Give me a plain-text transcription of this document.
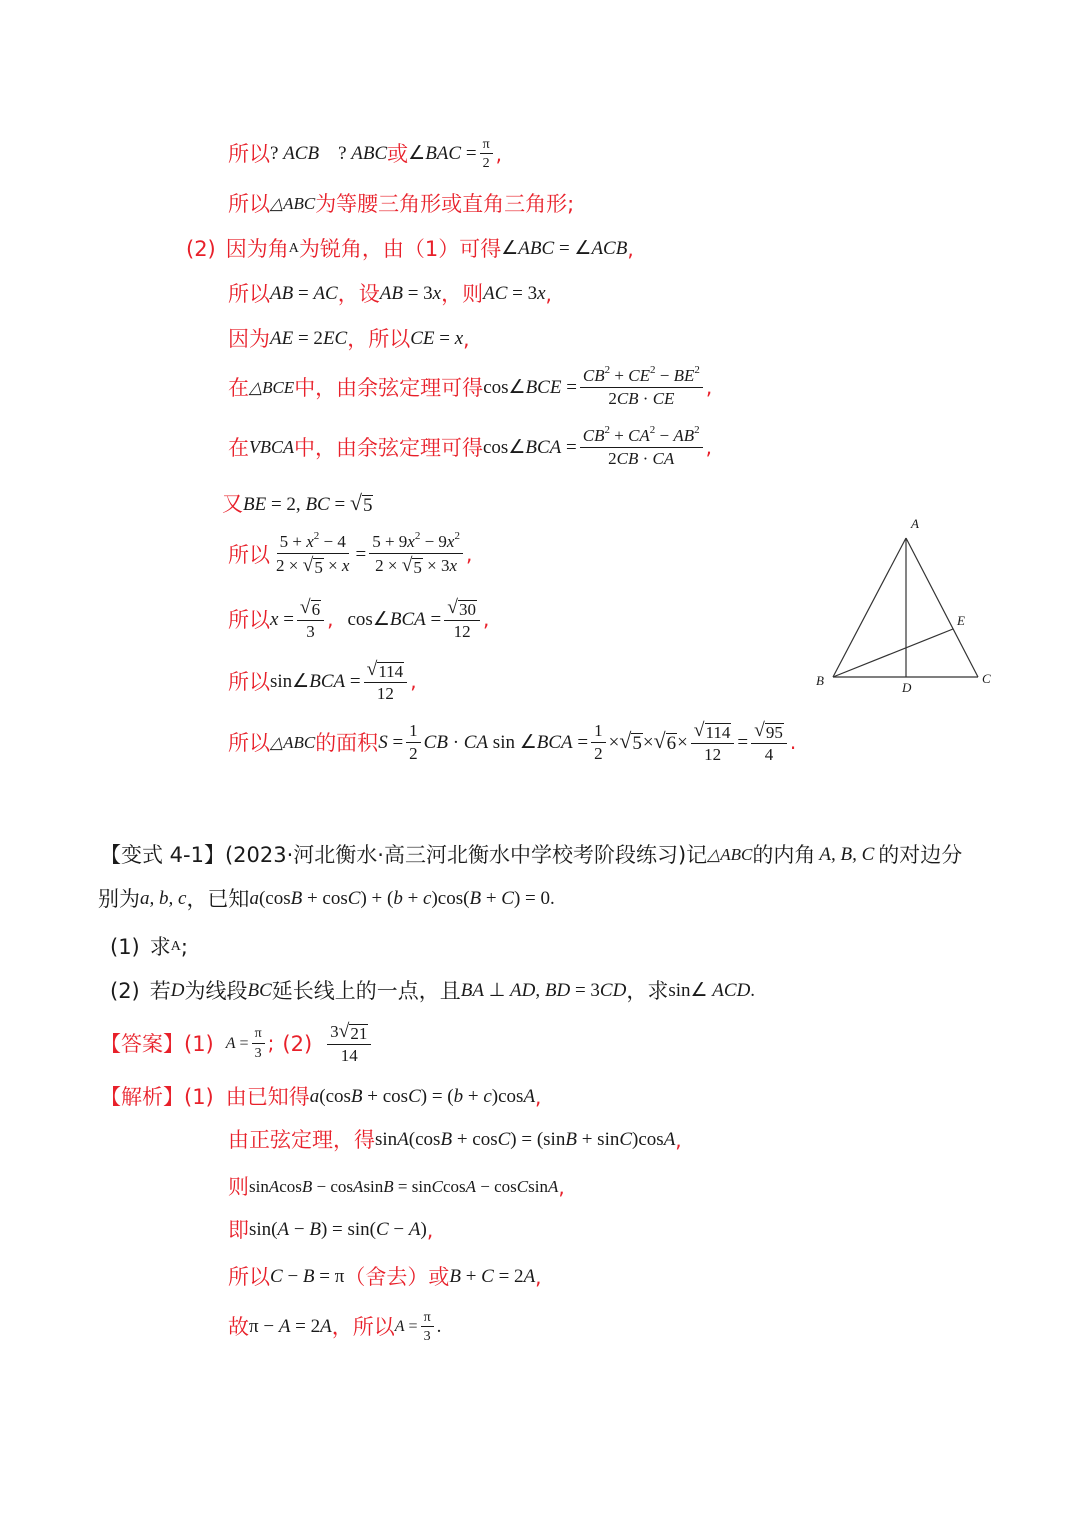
所以 ? ACB    ? ABC 或 ∠BAC = $\frac{\pi}{2}$ ,
所以 △ABC 为等腰三角形或直角三角形;
(2) 因为角 A 为锐角，由（1）可得 ∠ABC = ∠ACB ,
所以 AB = AC ，设 AB = 3x ，则 AC = 3x ,
因为 AE = 2EC ，所以 CE = x ,
在 △BCE 中，由余弦定理可得 cos∠BCE = $\frac{CB^2 + CE^2 - BE^2}{2CB \cdot CE}$ ,
在 VBCA 中，由余弦定理可得 cos∠BCA = $\frac{CB^2 + CA^2 - AB^2}{2CB \cdot CA}$ ,
又 BE = 2, BC = √ 5
所以 $\frac{5 + x^2 - 4}{2 \times √ 5 \times x} = \frac{5 + 9x^2 - 9x^2}{2 \times √ 5 \times 3x}$ ,
所以 $x = \frac{√ 6}{3}$ , cos∠BCA = $\frac{√ 30}{12}$ ,
所以 sin∠BCA = $\frac{√ 114}{12}$ ,
所以 △ABC 的面积 $S = \frac{1}{2}$ CB · CA sin ∠BCA = $\frac{1}{2}$ × √ 5 × √ $6 \times \frac{√ 114}{12} = \frac{√ 95}{4}$ .
A
B	C
D
E
【变式 4-1】 (2023·河北衡水·高三河北衡水中学校考阶段练习) 记 △ABC 的内角 A, B, C 的对边分
别为 a, b, c ，已知 a(cosB + cosC) + (b + c)cos(B + C) = 0.
(1) 求 A ;
(2) 若 D 为线段 BC 延长线上的一点，且 BA ⊥ AD, BD = 3CD ，求 sin∠ ACD.
【答案】 (1) $A = \frac{\pi}{3}$ ; $(2) \frac{3 √ 21}{14}$
【解析】 (1) 由已知得 a(cosB + cosC) = (b + c)cosA ,
由正弦定理，得 sinA(cosB + cosC) = (sinB + sinC)cosA ,
则 sinAcosB − cosAsinB = sinCcosA − cosCsinA ,
即 sin(A − B) = sin(C − A) ,
所以 C − B = π （舍去）或 B + C = 2A ,
故 π − A = 2A ，所以 $A = \frac{\pi}{3}$ .
